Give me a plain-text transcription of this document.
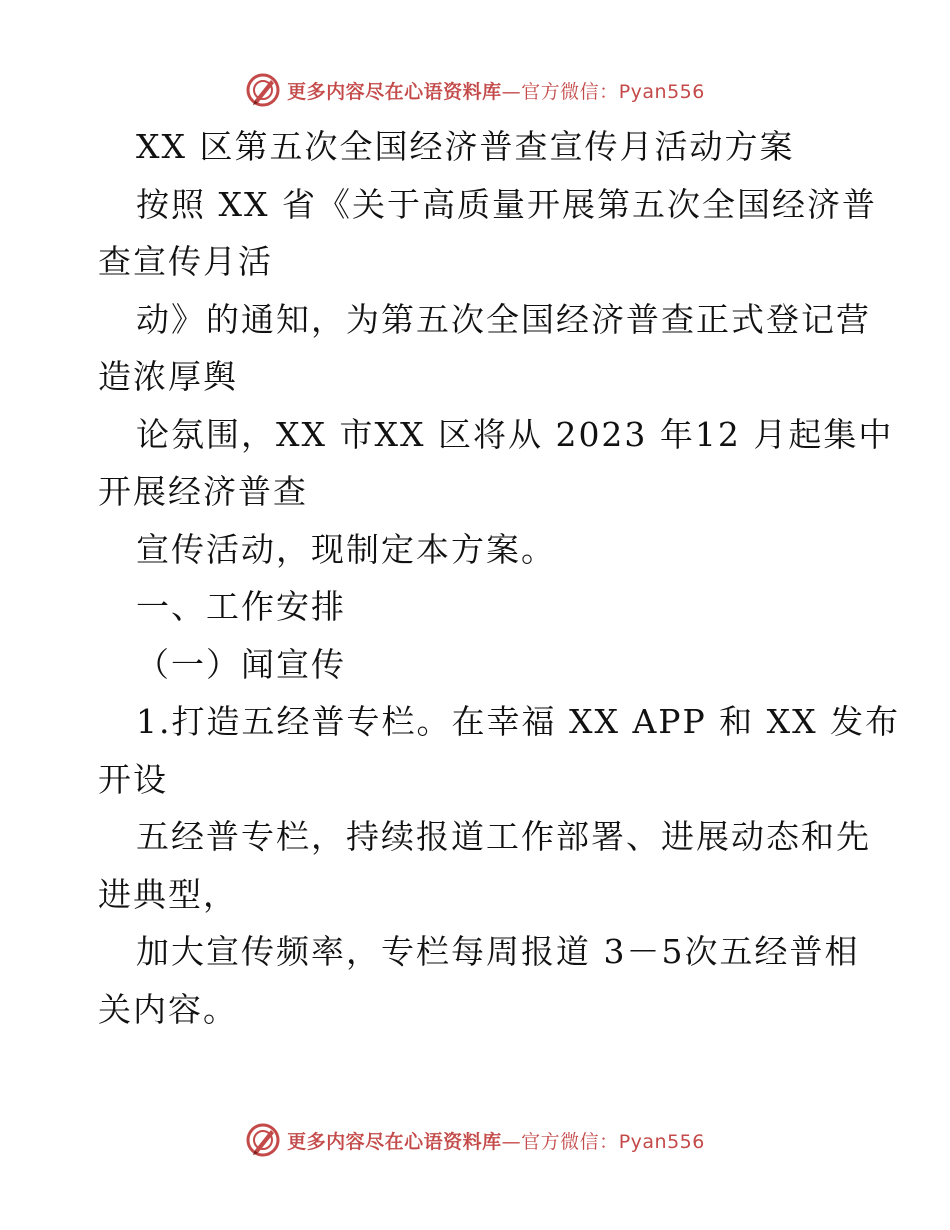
更多内容尽在心语资料库—官方微信：Pyan556
XX 区第五次全国经济普查宣传月活动方案
按照 XX 省《关于高质量开展第五次全国经济普
查宣传月活
动》的通知，为第五次全国经济普查正式登记营
造浓厚舆
论氛围，XX 市XX 区将从 2023 年12 月起集中
开展经济普查
宣传活动，现制定本方案。
一、工作安排
（一）闻宣传
1.打造五经普专栏。在幸福 XX APP 和 XX 发布
开设
五经普专栏，持续报道工作部署、进展动态和先
进典型，
加大宣传频率，专栏每周报道 3－5次五经普相
关内容。
更多内容尽在心语资料库—官方微信：Pyan556
